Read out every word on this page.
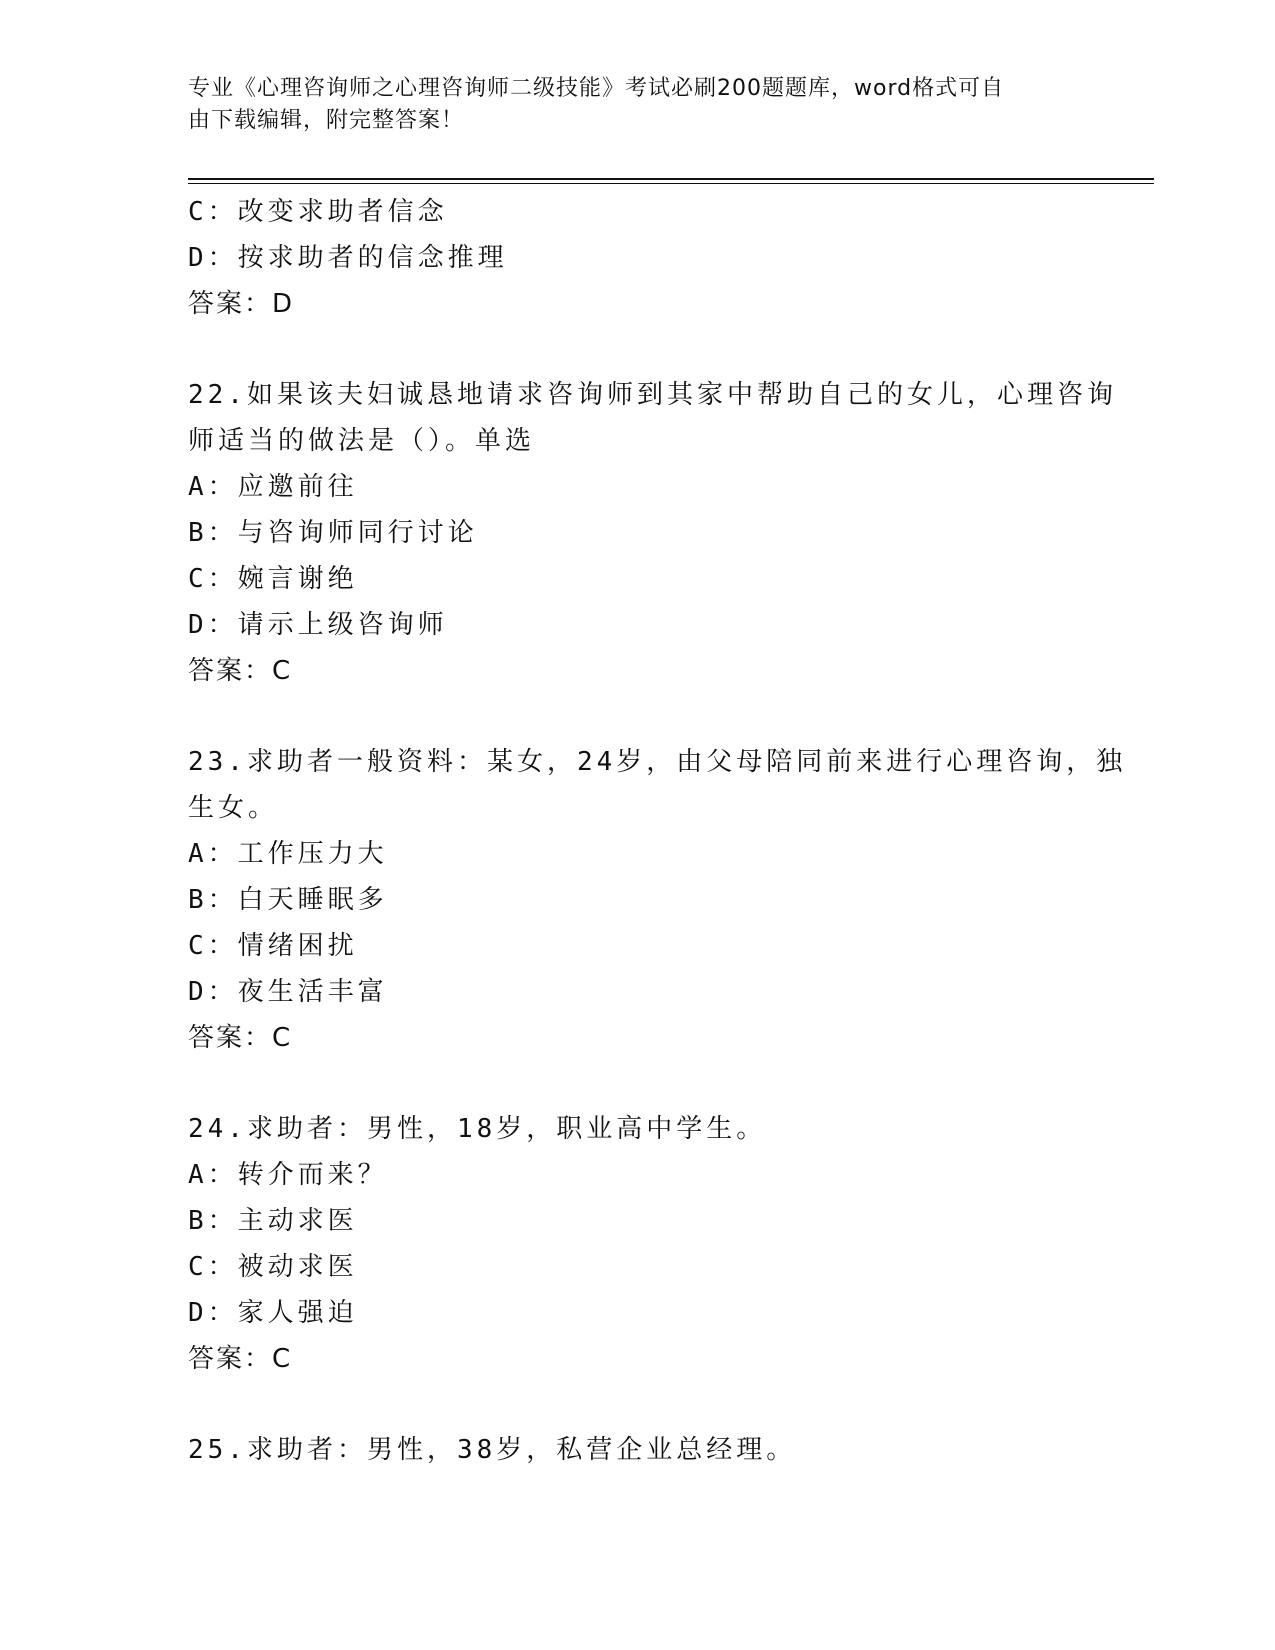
专业《心理咨询师之心理咨询师二级技能》考试必刷200题题库，word格式可自
由下载编辑，附完整答案！
C：改变求助者信念
D：按求助者的信念推理
答案：D
22.如果该夫妇诚恳地请求咨询师到其家中帮助自己的女儿，心理咨询
师适当的做法是（）。单选
A：应邀前往
B：与咨询师同行讨论
C：婉言谢绝
D：请示上级咨询师
答案：C
23.求助者一般资料：某女，24岁，由父母陪同前来进行心理咨询，独
生女。
A：工作压力大
B：白天睡眠多
C：情绪困扰
D：夜生活丰富
答案：C
24.求助者：男性，18岁，职业高中学生。
A：转介而来？
B：主动求医
C：被动求医
D：家人强迫
答案：C
25.求助者：男性，38岁，私营企业总经理。
